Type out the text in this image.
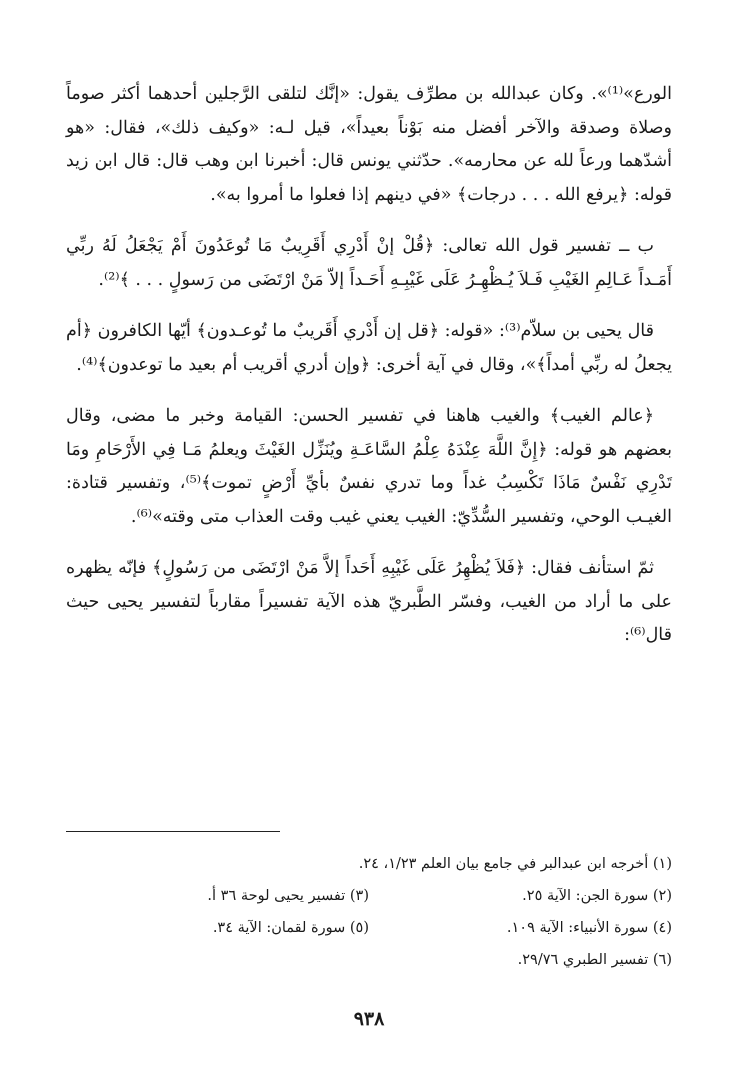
الورع»⁽¹⁾». وكان عبدالله بن مطرِّف يقول: «إنَّك لتلقى الرَّجلين أحدهما أكثر صوماً وصلاة وصدقة والآخر أفضل منه بَوْناً بعيداً»، قيل لـه: «وكيف ذلك»، فقال: «هو أشدّهما ورعاً لله عن محارمه». حدّثني يونس قال: أخبرنا ابن وهب قال: قال ابن زيد قوله: ﴿يرفع الله . . . درجات﴾ «في دينهم إذا فعلوا ما أمروا به».

ب ــ تفسير قول الله تعالى: ﴿قُلْ إنْ أَدْرِي أَقَرِيبٌ مَا تُوعَدُونَ أَمْ يَجْعَلُ لَهُ ربِّي أَمَـداً عَـالِمِ الغَيْبِ فَـلاَ يُـظْهِـرُ عَلَى غَيْبِـهِ أَحَـداً إلاّ مَنْ ارْتَضَى من رَسولٍ . . . ﴾⁽²⁾.

قال يحيى بن سلاّم⁽³⁾: «قوله: ﴿قل إن أَدْري أَقَريبٌ ما تُوعـدون﴾ أيّها الكافرون ﴿أم يجعلُ له ربِّي أمداً﴾»، وقال في آية أخرى: ﴿وإن أدري أقريب أم بعيد ما توعدون﴾⁽⁴⁾.

﴿عالم الغيب﴾ والغيب هاهنا في تفسير الحسن: القيامة وخبر ما مضى، وقال بعضهم هو قوله: ﴿إِنَّ اللَّهَ عِنْدَهُ عِلْمُ السَّاعَـةِ ويُنَزِّل الغَيْثَ ويعلمُ مَـا فِي الأَرْحَامِ ومَا تَدْرِي نَفْسٌ مَاذَا تَكْسِبُ غداً وما تدري نفسٌ بأيِّ أَرْضٍ تموت﴾⁽⁵⁾، وتفسير قتادة: الغيـب الوحي، وتفسير السُّدِّيّ: الغيب يعني غيب وقت العذاب متى وقته»⁽⁶⁾.

ثمّ استأنف فقال: ﴿فَلاَ يُظْهِرُ عَلَى غَيْبِهِ أَحَداً إلاَّ مَنْ ارْتَضَى من رَسُولٍ﴾ فإنّه يظهره على ما أراد من الغيب، وفسّر الطَّبريّ هذه الآية تفسيراً مقارباً لتفسير يحيى حيث قال⁽⁶⁾:

(١) أخرجه ابن عبدالبر في جامع بيان العلم ١/٢٣، ٢٤.
(٢) سورة الجن: الآية ٢٥.
(٣) تفسير يحيى لوحة ٣٦ أ.
(٤) سورة الأنبياء: الآية ١٠٩.
(٥) سورة لقمان: الآية ٣٤.
(٦) تفسير الطبري ٢٩/٧٦.
٩٣٨
